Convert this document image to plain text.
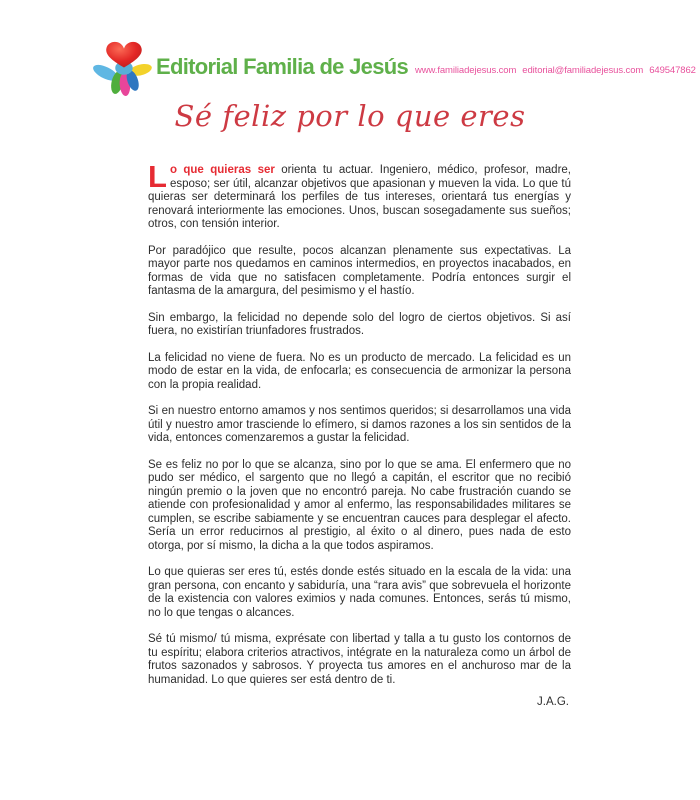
Editorial Familia de Jesús www.familiadejesus.com editorial@familiadejesus.com 649547862
Sé feliz por lo que eres

Lo que quieras ser orienta tu actuar. Ingeniero, médico, profesor, madre, esposo; ser útil, alcanzar objetivos que apasionan y mueven la vida. Lo que tú quieras ser determinará los perfiles de tus intereses, orientará tus energías y renovará interiormente las emociones. Unos, buscan sosegadamente sus sueños; otros, con tensión interior.

Por paradójico que resulte, pocos alcanzan plenamente sus expectativas. La mayor parte nos quedamos en caminos intermedios, en proyectos inacabados, en formas de vida que no satisfacen completamente. Podría entonces surgir el fantasma de la amargura, del pesimismo y el hastío.

Sin embargo, la felicidad no depende solo del logro de ciertos objetivos. Si así fuera, no existirían triunfadores frustrados.

La felicidad no viene de fuera. No es un producto de mercado. La felicidad es un modo de estar en la vida, de enfocarla; es consecuencia de armonizar la persona con la propia realidad.

Si en nuestro entorno amamos y nos sentimos queridos; si desarrollamos una vida útil y nuestro amor trasciende lo efímero, si damos razones a los sin sentidos de la vida, entonces comenzaremos a gustar la felicidad.

Se es feliz no por lo que se alcanza, sino por lo que se ama. El enfermero que no pudo ser médico, el sargento que no llegó a capitán, el escritor que no recibió ningún premio o la joven que no encontró pareja. No cabe frustración cuando se atiende con profesionalidad y amor al enfermo, las responsabilidades militares se cumplen, se escribe sabiamente y se encuentran cauces para desplegar el afecto. Sería un error reducirnos al prestigio, al éxito o al dinero, pues nada de esto otorga, por sí mismo, la dicha a la que todos aspiramos.

Lo que quieras ser eres tú, estés donde estés situado en la escala de la vida: una gran persona, con encanto y sabiduría, una “rara avis” que sobrevuela el horizonte de la existencia con valores eximios y nada comunes. Entonces, serás tú mismo, no lo que tengas o alcances.

Sé tú mismo/ tú misma, exprésate con libertad y talla a tu gusto los contornos de tu espíritu; elabora criterios atractivos, intégrate en la naturaleza como un árbol de frutos sazonados y sabrosos. Y proyecta tus amores en el anchuroso mar de la humanidad. Lo que quieres ser está dentro de ti.

J.A.G.
